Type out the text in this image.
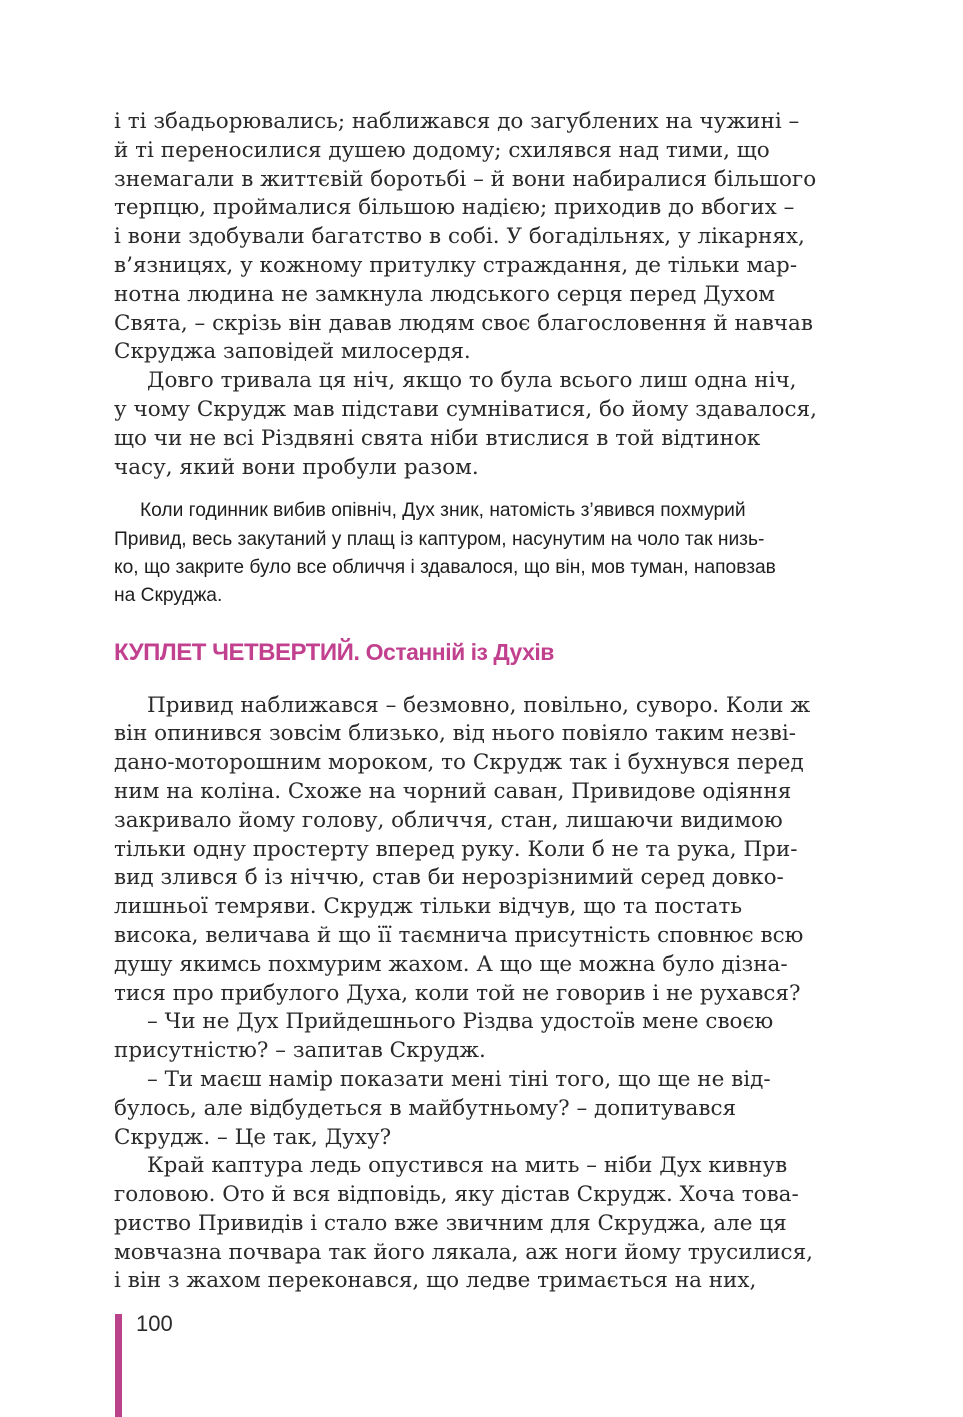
і ті збадьорювались; наближався до загублених на чужині –
й ті переносилися душею додому; схилявся над тими, що
знемагали в життєвій боротьбі – й вони набиралися більшого
терпцю, проймалися більшою надією; приходив до вбогих –
і вони здобували багатство в собі. У богадільнях, у лікарнях,
в’язницях, у кожному притулку страждання, де тільки мар-
нотна людина не замкнула людського серця перед Духом
Свята, – скрізь він давав людям своє благословення й навчав
Скруджа заповідей милосердя.

Довго тривала ця ніч, якщо то була всього лиш одна ніч,
у чому Скрудж мав підстави сумніватися, бо йому здавалося,
що чи не всі Різдвяні свята ніби втислися в той відтинок
часу, який вони пробули разом.

Коли годинник вибив опівніч, Дух зник, натомість з’явився похмурий
Привид, весь закутаний у плащ із каптуром, насунутим на чоло так низь-
ко, що закрите було все обличчя і здавалося, що він, мов туман, наповзав
на Скруджа.

КУПЛЕТ ЧЕТВЕРТИЙ. Останній із Духів

Привид наближався – безмовно, повільно, суворо. Коли ж
він опинився зовсім близько, від нього повіяло таким незві-
дано-моторошним мороком, то Скрудж так і бухнувся перед
ним на коліна. Схоже на чорний саван, Привидове одіяння
закривало йому голову, обличчя, стан, лишаючи видимою
тільки одну простерту вперед руку. Коли б не та рука, При-
вид злився б із ніччю, став би нерозрізнимий серед довко-
лишньої темряви. Скрудж тільки відчув, що та постать
висока, величава й що її таємнича присутність сповнює всю
душу якимсь похмурим жахом. А що ще можна було дізна-
тися про прибулого Духа, коли той не говорив і не рухався?

– Чи не Дух Прийдешнього Різдва удостоїв мене своєю
присутністю? – запитав Скрудж.

– Ти маєш намір показати мені тіні того, що ще не від-
булось, але відбудеться в майбутньому? – допитувався
Скрудж. – Це так, Духу?

Край каптура ледь опустився на мить – ніби Дух кивнув
головою. Ото й вся відповідь, яку дістав Скрудж. Хоча това-
риство Привидів і стало вже звичним для Скруджа, але ця
мовчазна почвара так його лякала, аж ноги йому трусилися,
і він з жахом переконався, що ледве тримається на них,

100
